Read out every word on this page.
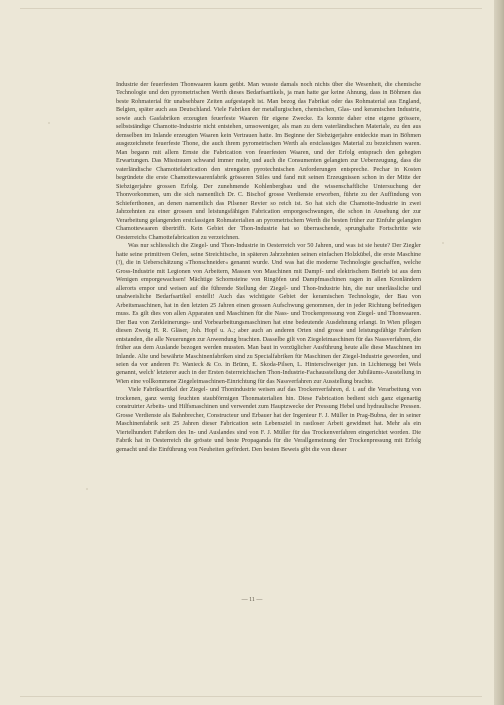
Industrie der feuerfesten Thonwaaren kaum geübt. Man wusste damals noch nichts über die Wesenheit, die chemische Technologie und den pyrometrischen Werth dieses Bedarfsartikels, ja man hatte gar keine Ahnung, dass in Böhmen das beste Rohmaterial für unabsehbare Zeiten aufgestapelt ist. Man bezog das Fabrikat oder das Rohmaterial aus England, Belgien, später auch aus Deutschland. Viele Fabriken der metallurgischen, chemischen, Glas- und keramischen Industrie, sowie auch Gasfabriken erzeugten feuerfeste Waaren für eigene Zwecke. Es konnte daher eine eigene grössere, selbstständige Chamotte-Industrie nicht entstehen, umsoweniger, als man zu dem vaterländischen Materiale, zu den aus demselben im Inlande erzeugten Waaren kein Vertrauen hatte. Im Beginne der Siebzigerjahre entdeckte man in Böhmen ausgezeichnete feuerfeste Thone, die auch ihrem pyrometrischen Werth als erstclassiges Material zu bezeichnen waren. Man begann mit allem Ernste die Fabrication von feuerfesten Waaren, und der Erfolg entsprach den gehegten Erwartungen. Das Misstrauen schwand immer mehr, und auch die Consumenten gelangten zur Ueberzeugung, dass die vaterländische Chamottefabrication den strengsten pyrotechnischen Anforderungen entspreche. Pechar in Kosten begründete die erste Chamottewaarenfabrik grösseren Stiles und fand mit seinen Erzeugnissen schon in der Mitte der Siebzigerjahre grossen Erfolg. Der zunehmende Kohlenbergbau und die wissenschaftliche Untersuchung der Thonvorkommen, um die sich namentlich Dr. C. Bischof grosse Verdienste erworben, führte zu der Auffindung von Schieferthonen, an denen namentlich das Pilsener Revier so reich ist. So hat sich die Chamotte-Industrie in zwei Jahrzehnten zu einer grossen und leistungsfähigen Fabrication emporgeschwungen, die schon in Ansehung der zur Verarbeitung gelangenden erstclassigen Rohmaterialien an pyrometrischem Werth die besten früher zur Einfuhr gelangten Chamottewaaren übertrifft. Kein Gebiet der Thon-Industrie hat so überraschende, sprunghafte Fortschritte wie Oesterreichs Chamottefabrication zu verzeichnen.

Was nur schliesslich die Ziegel- und Thon-Industrie in Oesterreich vor 50 Jahren, und was ist sie heute? Der Ziegler hatte seine primitiven Oefen, seine Streichtische, in späteren Jahrzehnten seinen einfachen Holzkübel, die erste Maschine (!), die in Ueberschätzung »Thonschneider« genannt wurde. Und was hat die moderne Technologie geschaffen, welche Gross-Industrie mit Legionen von Arbeitern, Massen von Maschinen mit Dampf- und elektrischem Betrieb ist aus dem Wenigen emporgewachsen! Mächtige Schornsteine von Ringöfen und Dampfmaschinen ragen in allen Kronländern allerorts empor und weisen auf die führende Stellung der Ziegel- und Thon-Industrie hin, die nur unerlässliche und unabweisliche Bedarfsartikel erstellt! Auch das wichtigste Gebiet der keramischen Technologie, der Bau von Arbeitsmaschinen, hat in den letzten 25 Jahren einen grossen Aufschwung genommen, der in jeder Richtung befriedigen muss. Es gilt dies von allen Apparaten und Maschinen für die Nass- und Trockenpressung von Ziegel- und Thonwaaren. Der Bau von Zerkleinerungs- und Vorbearbeitungsmaschinen hat eine bedeutende Ausdehnung erlangt. In Wien pflegen diesen Zweig H. R. Gläser, Joh. Hopf u. A.; aber auch an anderen Orten sind grosse und leistungsfähige Fabriken entstanden, die alle Neuerungen zur Anwendung brachten. Dasselbe gilt von Ziegeleimaschinen für das Nassverfahren, die früher aus dem Auslande bezogen werden mussten. Man baut in vorzüglicher Ausführung heute alle diese Maschinen im Inlande. Alte und bewährte Maschinenfabriken sind zu Specialfabriken für Maschinen der Ziegel-Industrie geworden, und seien da vor anderen Fr. Wanieck & Co. in Brünn, E. Skoda-Pilsen, L. Hinterschweiger jun. in Lichtenegg bei Wels genannt, welch' letzterer auch in der Ersten österreichischen Thon-Industrie-Fachausstellung der Jubiläums-Ausstellung in Wien eine vollkommene Ziegeleimaschinen-Einrichtung für das Nassverfahren zur Ausstellung brachte.

Viele Fabriksartikel der Ziegel- und Thonindustrie weisen auf das Trockenverfahren, d. i. auf die Verarbeitung von trockenen, ganz wenig feuchten staubförmigen Thonmaterialien hin. Diese Fabrication bedient sich ganz eigenartig construirter Arbeits- und Hilfsmaschinen und verwendet zum Hauptzwecke der Pressung Hebel und hydraulische Pressen. Grosse Verdienste als Bahnbrecher, Constructeur und Erbauer hat der Ingenieur F. J. Müller in Prag-Bubna, der in seiner Maschinenfabrik seit 25 Jahren dieser Fabrication sein Lebensziel in rastloser Arbeit gewidmet hat. Mehr als ein Viertelhundert Fabriken des In- und Auslandes sind von F. J. Müller für das Trockenverfahren eingerichtet worden. Die Fabrik hat in Oesterreich die grösste und beste Propaganda für die Verallgemeinung der Trockenpressung mit Erfolg gemacht und die Einführung von Neuheiten gefördert. Den besten Beweis gibt die von dieser

— 11 —
